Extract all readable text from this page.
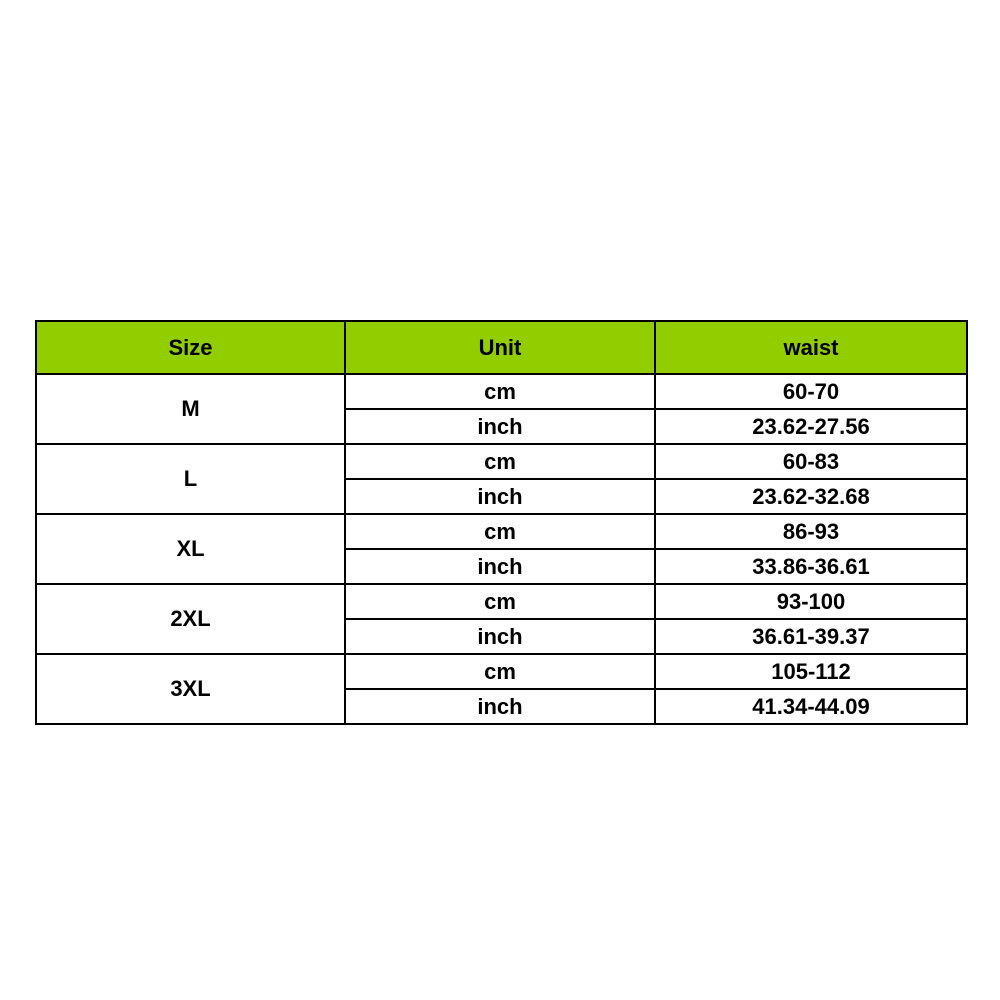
Size	Unit	waist
M	cm	60-70
	inch	23.62-27.56
L	cm	60-83
	inch	23.62-32.68
XL	cm	86-93
	inch	33.86-36.61
2XL	cm	93-100
	inch	36.61-39.37
3XL	cm	105-112
	inch	41.34-44.09
